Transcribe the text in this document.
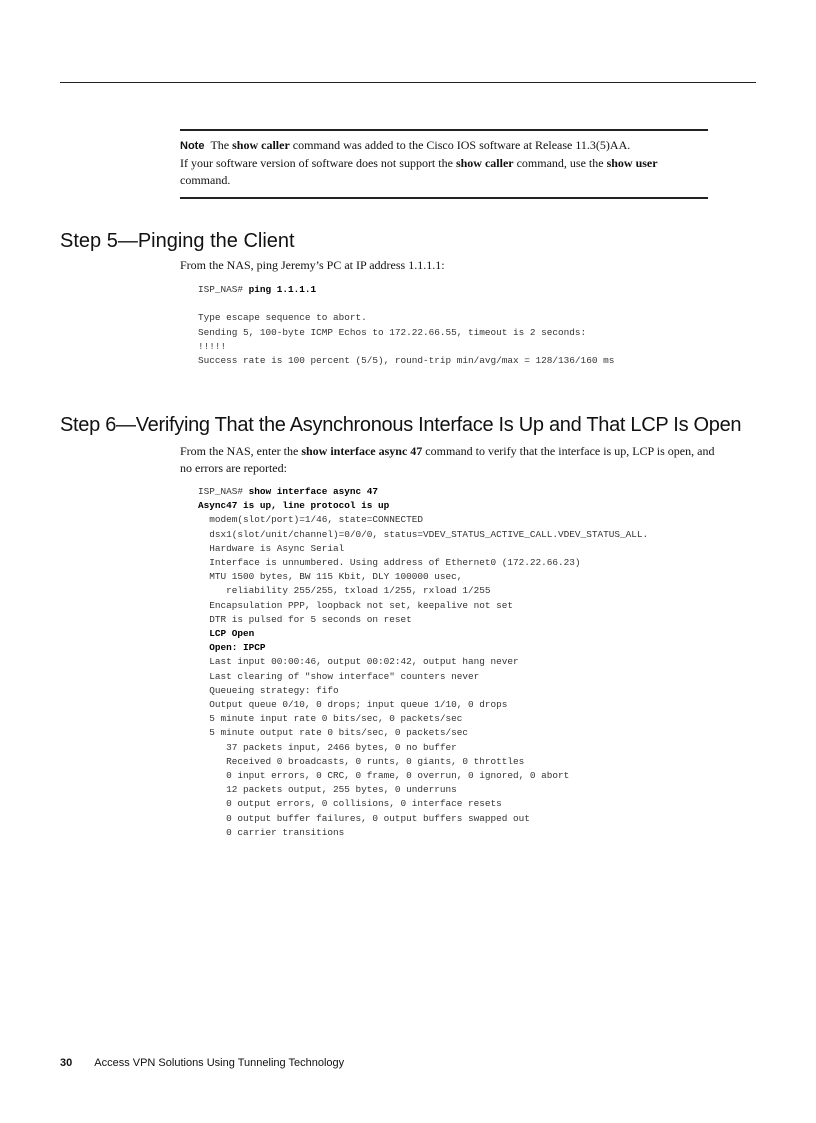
Note The show caller command was added to the Cisco IOS software at Release 11.3(5)AA.

If your software version of software does not support the show caller command, use the show user command.

Step 5—Pinging the Client

From the NAS, ping Jeremy’s PC at IP address 1.1.1.1:

ISP_NAS# ping 1.1.1.1

Type escape sequence to abort.
Sending 5, 100-byte ICMP Echos to 172.22.66.55, timeout is 2 seconds:
!!!!!
Success rate is 100 percent (5/5), round-trip min/avg/max = 128/136/160 ms
Step 6—Verifying That the Asynchronous Interface Is Up and That LCP Is Open

From the NAS, enter the show interface async 47 command to verify that the interface is up, LCP is open, and no errors are reported:

ISP_NAS# show interface async 47
Async47 is up, line protocol is up
modem(slot/port)=1/46, state=CONNECTED
dsx1(slot/unit/channel)=0/0/0, status=VDEV_STATUS_ACTIVE_CALL.VDEV_STATUS_ALL.
Hardware is Async Serial
Interface is unnumbered. Using address of Ethernet0 (172.22.66.23)
MTU 1500 bytes, BW 115 Kbit, DLY 100000 usec,
reliability 255/255, txload 1/255, rxload 1/255
Encapsulation PPP, loopback not set, keepalive not set
DTR is pulsed for 5 seconds on reset
LCP Open
Open: IPCP
Last input 00:00:46, output 00:02:42, output hang never
Last clearing of "show interface" counters never
Queueing strategy: fifo
Output queue 0/10, 0 drops; input queue 1/10, 0 drops
5 minute input rate 0 bits/sec, 0 packets/sec
5 minute output rate 0 bits/sec, 0 packets/sec
37 packets input, 2466 bytes, 0 no buffer
Received 0 broadcasts, 0 runts, 0 giants, 0 throttles
0 input errors, 0 CRC, 0 frame, 0 overrun, 0 ignored, 0 abort
12 packets output, 255 bytes, 0 underruns
0 output errors, 0 collisions, 0 interface resets
0 output buffer failures, 0 output buffers swapped out
0 carrier transitions
30 Access VPN Solutions Using Tunneling Technology
